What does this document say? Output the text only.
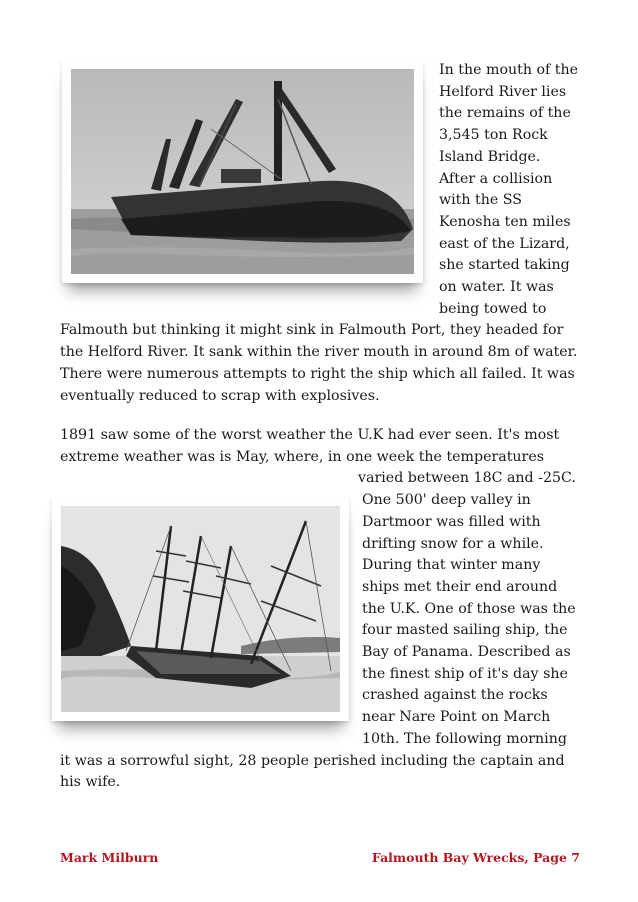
In the mouth of the
Helford River lies
the remains of the
3,545 ton Rock
Island Bridge.
After a collision
with the SS
Kenosha ten miles
east of the Lizard,
she started taking
on water. It was
being towed to
Falmouth but thinking it might sink in Falmouth Port, they headed for
the Helford River. It sank within the river mouth in around 8m of water.
There were numerous attempts to right the ship which all failed. It was
eventually reduced to scrap with explosives.
1891 saw some of the worst weather the U.K had ever seen. It's most
extreme weather was is May, where, in one week the temperatures
varied between 18C and -25C.
One 500' deep valley in
Dartmoor was filled with
drifting snow for a while.
During that winter many
ships met their end around
the U.K. One of those was the
four masted sailing ship, the
Bay of Panama. Described as
the finest ship of it's day she
crashed against the rocks
near Nare Point on March
10th. The following morning
it was a sorrowful sight, 28 people perished including the captain and
his wife.
Mark Milburn	Falmouth Bay Wrecks, Page 7
